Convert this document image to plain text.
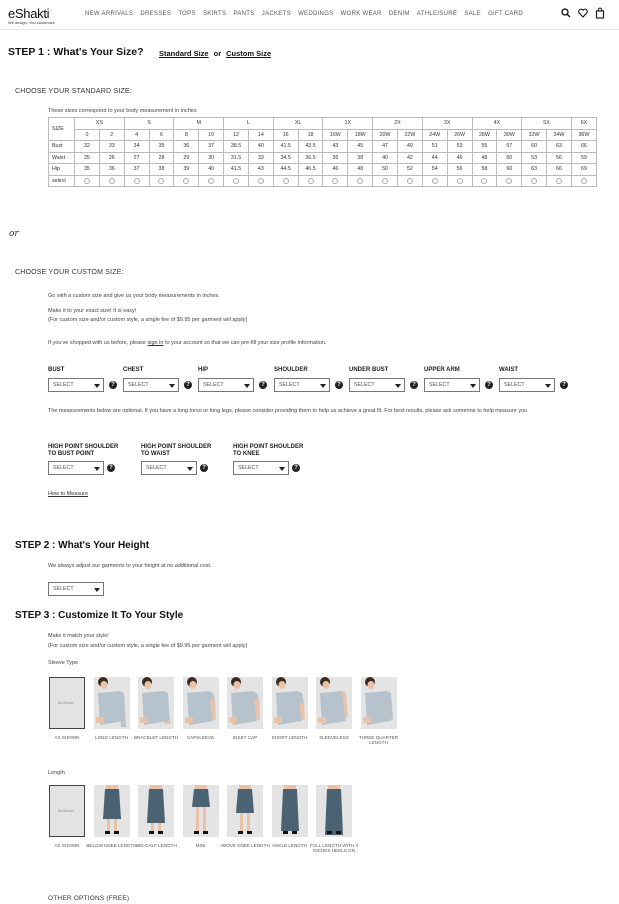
eShakti
We design. You customize
NEW ARRIVALS DRESSES TOPS SKIRTS PANTS JACKETS WEDDINGS WORK WEAR DENIM ATHLEISURE SALE GIFT CARD
STEP 1 : What's Your Size? Standard Size or Custom Size
CHOOSE YOUR STANDARD SIZE:
These sizes correspond to your body measurement in inches
SIZE	XS		S		M		L		XL		1X		2X		3X		4X		5X		6X
	0	2	4	6	8	10	12	14	16	18	16W	18W	20W	22W	24W	26W	28W	30W	32W	34W	36W
Bust	32	33	34	35	36	37	38.5	40	41.5	43.5	43	45	47	49	51	53	55	57	60	63	66
Waist	25	26	27	28	29	30	31.5	33	34.5	36.5	36	38	40	42	44	46	48	50	53	56	59
Hip	35	36	37	38	39	40	41.5	43	44.5	46.5	46	48	50	52	54	56	58	60	63	66	69
select																					
or
CHOOSE YOUR CUSTOM SIZE:
Go with a custom size and give us your body measurements in inches.
Make it to your exact size! It is easy!
(For custom size and/or custom style, a single fee of $9.95 per garment will apply)
If you've shopped with us before, please sign in to your account so that we can pre-fill your size profile information.
BUST
SELECT	?
CHEST
SELECT	?
HIP
SELECT	?
SHOULDER
SELECT	?
UNDER BUST
SELECT	?
UPPER ARM
SELECT	?
WAIST
SELECT	?
The measurements below are optional. If you have a long torso or long legs, please consider providing them to help us achieve a great fit. For best results, please ask someone to help measure you
HIGH POINT SHOULDER
TO BUST POINT
SELECT	?
HIGH POINT SHOULDER
TO WAIST
SELECT	?
HIGH POINT SHOULDER
TO KNEE
SELECT	?
How to Measure
STEP 2 : What's Your Height
We always adjust our garments to your height at no additional cost.
SELECT
STEP 3 : Customize It To Your Style
Make it match your style!
(For custom size and/or custom style, a single fee of $9.95 per garment will apply)
Sleeve Type
As Shown
AS SHOWN	LONG LENGTH	BRACELET LENGTH	CAPSLEEVE	INSET CAP	SHORT LENGTH	SLEEVELESS	THREE QUARTER LENGTH
Length
As Shown
AS SHOWN	BELOW KNEE LENGTH
MID-CALF LENGTH	MINI	ABOVE KNEE LENGTH ANKLE LENGTH FULL LENGTH WITH 3 INCHES HEELS ON
OTHER OPTIONS (FREE)
